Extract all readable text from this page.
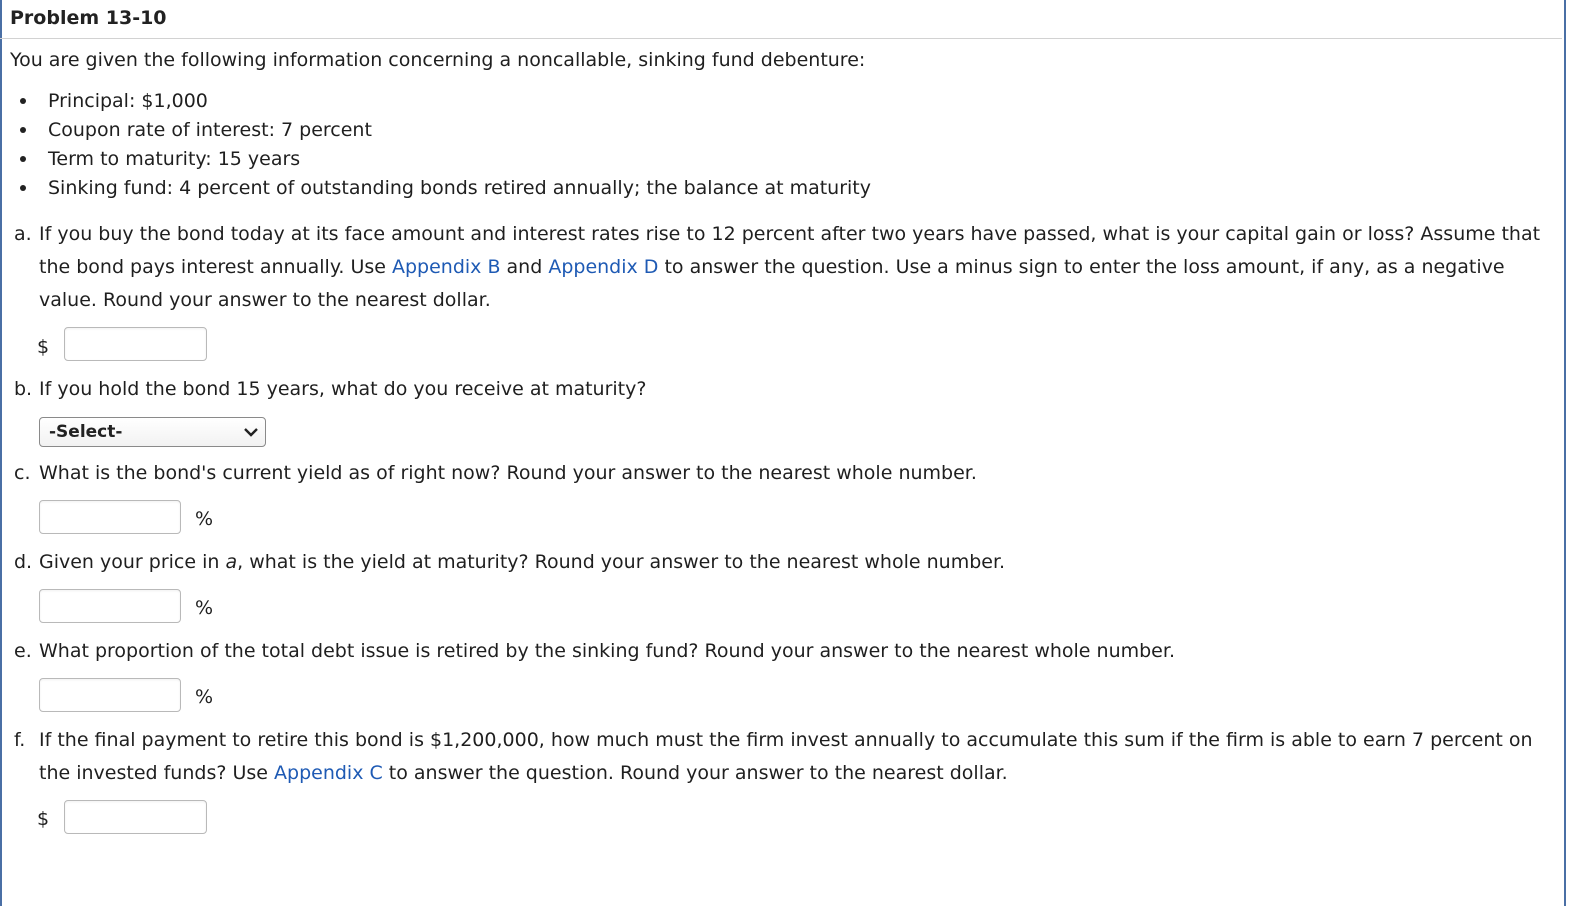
Problem 13-10
You are given the following information concerning a noncallable, sinking fund debenture:
Principal: $1,000
Coupon rate of interest: 7 percent
Term to maturity: 15 years
Sinking fund: 4 percent of outstanding bonds retired annually; the balance at maturity
a. If you buy the bond today at its face amount and interest rates rise to 12 percent after two years have passed, what is your capital gain or loss? Assume that
the bond pays interest annually. Use Appendix B and Appendix D to answer the question. Use a minus sign to enter the loss amount, if any, as a negative
value. Round your answer to the nearest dollar.
$
b. If you hold the bond 15 years, what do you receive at maturity?
-Select-
c. What is the bond's current yield as of right now? Round your answer to the nearest whole number.
%
d. Given your price in a, what is the yield at maturity? Round your answer to the nearest whole number.
%
e. What proportion of the total debt issue is retired by the sinking fund? Round your answer to the nearest whole number.
%
f. If the final payment to retire this bond is $1,200,000, how much must the firm invest annually to accumulate this sum if the firm is able to earn 7 percent on
the invested funds? Use Appendix C to answer the question. Round your answer to the nearest dollar.
$
